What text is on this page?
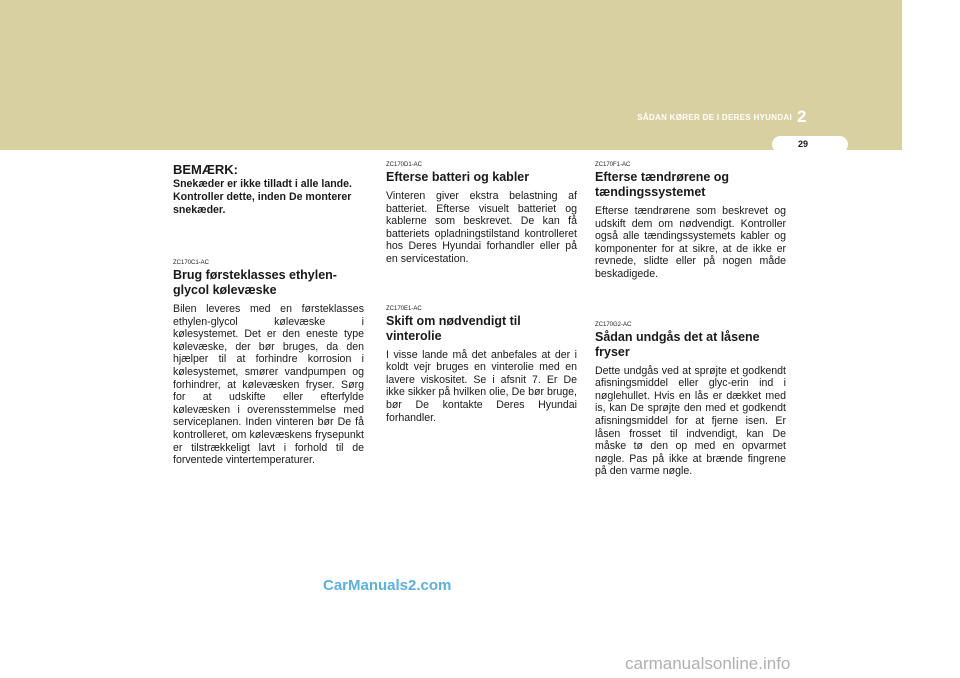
SÅDAN KØRER DE I DERES HYUNDAI 2
29

BEMÆRK:

Snekæder er ikke tilladt i alle lande. Kontroller dette, inden De monterer snekæder.

ZC170C1-AC

Brug førsteklasses ethylen-glycol kølevæske

Bilen leveres med en førsteklasses ethylen-glycol kølevæske i kølesystemet. Det er den eneste type kølevæske, der bør bruges, da den hjælper til at forhindre korrosion i kølesystemet, smører vandpumpen og forhindrer, at kølevæsken fryser. Sørg for at udskifte eller efterfylde kølevæsken i overensstemmelse med serviceplanen. Inden vinteren bør De få kontrolleret, om kølevæskens frysepunkt er tilstrækkeligt lavt i forhold til de forventede vintertemperaturer.

ZC170D1-AC

Efterse batteri og kabler

Vinteren giver ekstra belastning af batteriet. Efterse visuelt batteriet og kablerne som beskrevet. De kan få batteriets opladningstilstand kontrolleret hos Deres Hyundai forhandler eller på en servicestation.

ZC170E1-AC

Skift om nødvendigt til vinterolie

I visse lande må det anbefales at der i koldt vejr bruges en vinterolie med en lavere viskositet. Se i afsnit 7. Er De ikke sikker på hvilken olie, De bør bruge, bør De kontakte Deres Hyundai forhandler.

ZC170F1-AC

Efterse tændrørene og tændingssystemet

Efterse tændrørene som beskrevet og udskift dem om nødvendigt. Kontroller også alle tændingssystemets kabler og komponenter for at sikre, at de ikke er revnede, slidte eller på nogen måde beskadigede.

ZC170G2-AC

Sådan undgås det at låsene fryser

Dette undgås ved at sprøjte et godkendt afisningsmiddel eller glyc-erin ind i nøglehullet. Hvis en lås er dækket med is, kan De sprøjte den med et godkendt afisningsmiddel for at fjerne isen. Er låsen frosset til indvendigt, kan De måske tø den op med en opvarmet nøgle. Pas på ikke at brænde fingrene på den varme nøgle.

CarManuals2.com
carmanualsonline.info
